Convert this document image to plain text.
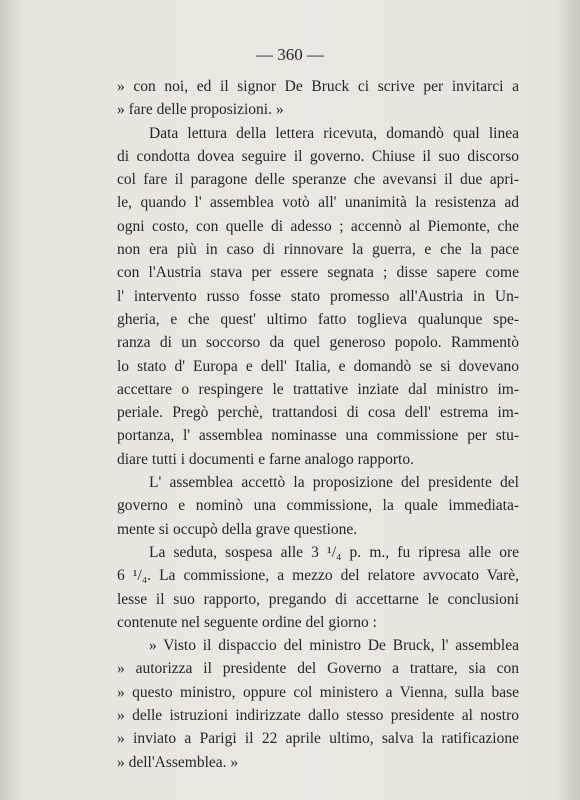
— 360 —
» con noi, ed il signor De Bruck ci scrive per invitarci a
» fare delle proposizioni. »
Data lettura della lettera ricevuta, domandò qual linea
di condotta dovea seguire il governo. Chiuse il suo discorso
col fare il paragone delle speranze che avevansi il due apri-
le, quando l' assemblea votò all' unanimità la resistenza ad
ogni costo, con quelle di adesso ; accennò al Piemonte, che
non era più in caso di rinnovare la guerra, e che la pace
con l'Austria stava per essere segnata ; disse sapere come
l' intervento russo fosse stato promesso all'Austria in Un-
gheria, e che quest' ultimo fatto toglieva qualunque spe-
ranza di un soccorso da quel generoso popolo. Rammentò
lo stato d' Europa e dell' Italia, e domandò se si dovevano
accettare o respingere le trattative inziate dal ministro im-
periale. Pregò perchè, trattandosi di cosa dell' estrema im-
portanza, l' assemblea nominasse una commissione per stu-
diare tutti i documenti e farne analogo rapporto.
L' assemblea accettò la proposizione del presidente del
governo e nominò una commissione, la quale immediata-
mente si occupò della grave questione.
La seduta, sospesa alle 3 ¹/₄ p. m., fu ripresa alle ore
6 ¹/₄. La commissione, a mezzo del relatore avvocato Varè,
lesse il suo rapporto, pregando di accettarne le conclusioni
contenute nel seguente ordine del giorno :
» Visto il dispaccio del ministro De Bruck, l' assemblea
» autorizza il presidente del Governo a trattare, sia con
» questo ministro, oppure col ministero a Vienna, sulla base
» delle istruzioni indirizzate dallo stesso presidente al nostro
» inviato a Parigi il 22 aprile ultimo, salva la ratificazione
» dell'Assemblea. »
